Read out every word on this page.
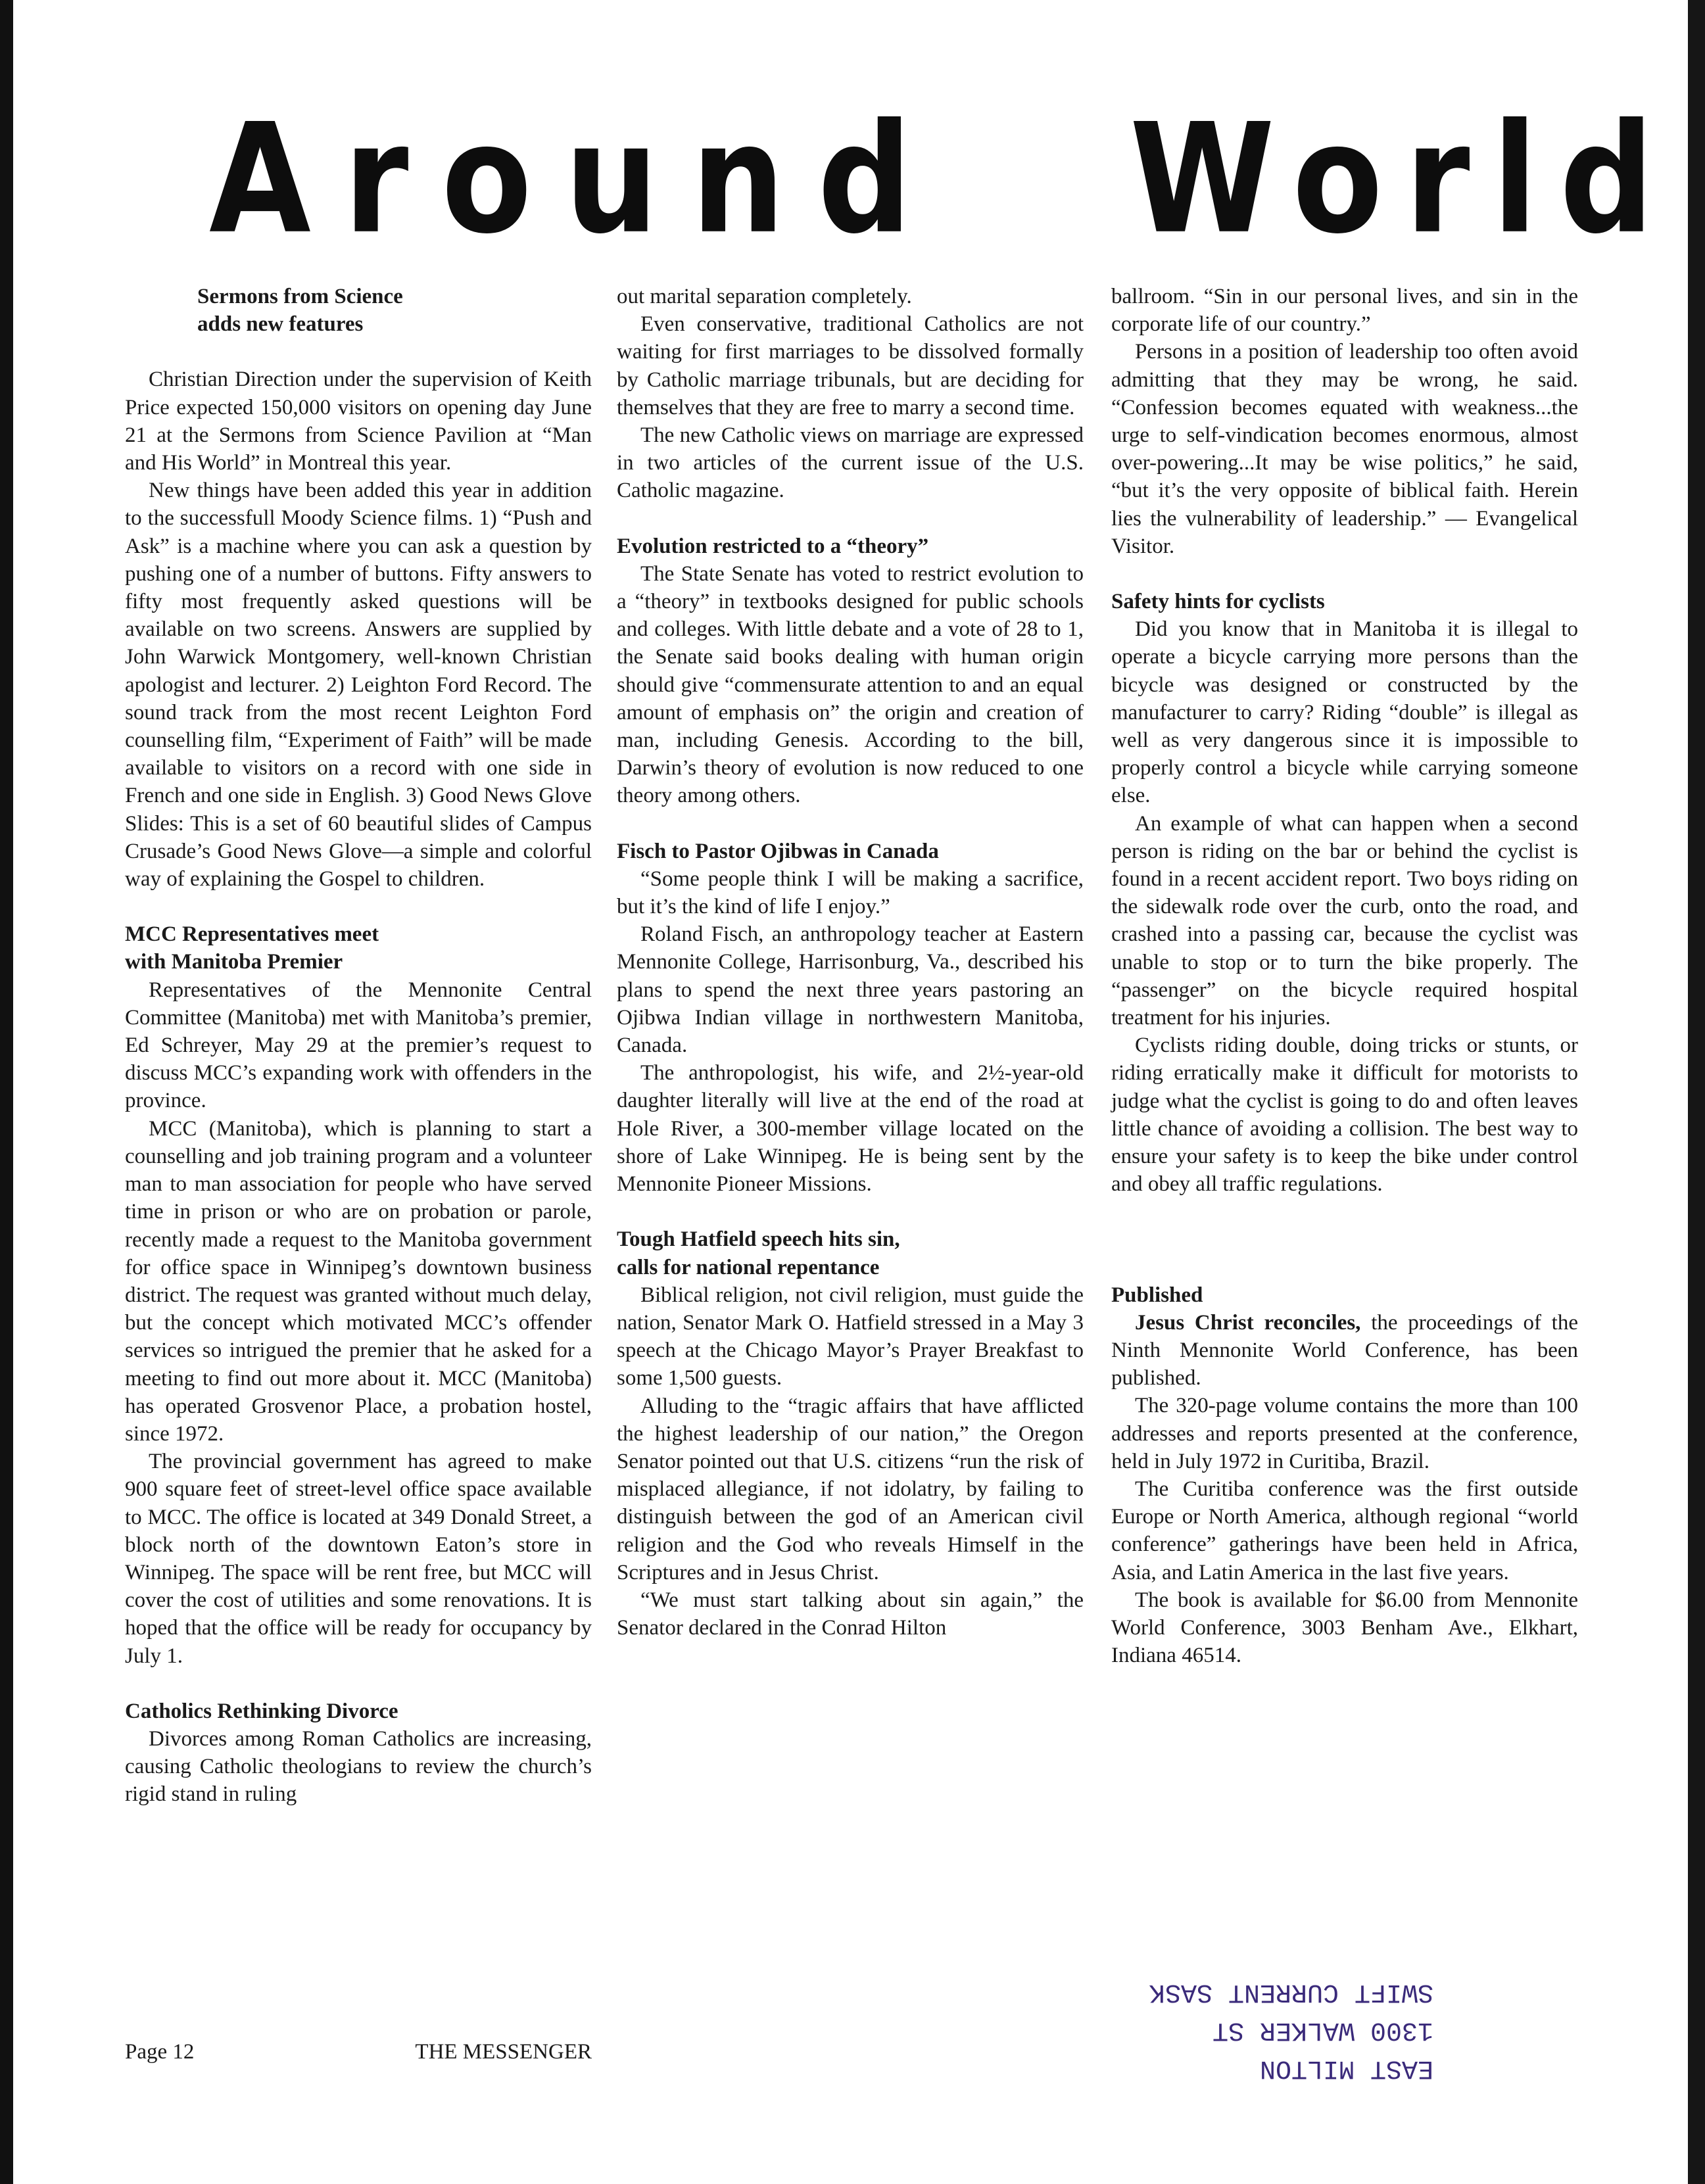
Around World
Sermons from Science
adds new features

Christian Direction under the supervision of Keith Price expected 150,000 visitors on opening day June 21 at the Sermons from Science Pavilion at “Man and His World” in Montreal this year.

New things have been added this year in addition to the successfull Moody Science films. 1) “Push and Ask” is a machine where you can ask a question by pushing one of a number of buttons. Fifty answers to fifty most frequently asked questions will be available on two screens. Answers are supplied by John Warwick Montgomery, well-known Christian apologist and lecturer. 2) Leighton Ford Record. The sound track from the most recent Leighton Ford counselling film, “Experiment of Faith” will be made available to visitors on a record with one side in French and one side in English. 3) Good News Glove Slides: This is a set of 60 beautiful slides of Campus Crusade’s Good News Glove—a simple and colorful way of explaining the Gospel to children.

MCC Representatives meet
with Manitoba Premier

Representatives of the Mennonite Central Committee (Manitoba) met with Manitoba’s premier, Ed Schreyer, May 29 at the premier’s request to discuss MCC’s expanding work with offenders in the province.

MCC (Manitoba), which is planning to start a counselling and job training program and a volunteer man to man association for people who have served time in prison or who are on probation or parole, recently made a request to the Manitoba government for office space in Winnipeg’s downtown business district. The request was granted without much delay, but the concept which motivated MCC’s offender services so intrigued the premier that he asked for a meeting to find out more about it. MCC (Manitoba) has operated Grosvenor Place, a probation hostel, since 1972.

The provincial government has agreed to make 900 square feet of street-level office space available to MCC. The office is located at 349 Donald Street, a block north of the downtown Eaton’s store in Winnipeg. The space will be rent free, but MCC will cover the cost of utilities and some renovations. It is hoped that the office will be ready for occupancy by July 1.

Catholics Rethinking Divorce

Divorces among Roman Catholics are increasing, causing Catholic theologians to review the church’s rigid stand in ruling

out marital separation completely.

Even conservative, traditional Catholics are not waiting for first marriages to be dissolved formally by Catholic marriage tribunals, but are deciding for themselves that they are free to marry a second time.

The new Catholic views on marriage are expressed in two articles of the current issue of the U.S. Catholic magazine.

Evolution restricted to a “theory”

The State Senate has voted to restrict evolution to a “theory” in textbooks designed for public schools and colleges. With little debate and a vote of 28 to 1, the Senate said books dealing with human origin should give “commensurate attention to and an equal amount of emphasis on” the origin and creation of man, including Genesis. According to the bill, Darwin’s theory of evolution is now reduced to one theory among others.

Fisch to Pastor Ojibwas in Canada

“Some people think I will be making a sacrifice, but it’s the kind of life I enjoy.”

Roland Fisch, an anthropology teacher at Eastern Mennonite College, Harrisonburg, Va., described his plans to spend the next three years pastoring an Ojibwa Indian village in northwestern Manitoba, Canada.

The anthropologist, his wife, and 2½-year-old daughter literally will live at the end of the road at Hole River, a 300-member village located on the shore of Lake Winnipeg. He is being sent by the Mennonite Pioneer Missions.

Tough Hatfield speech hits sin,
calls for national repentance

Biblical religion, not civil religion, must guide the nation, Senator Mark O. Hatfield stressed in a May 3 speech at the Chicago Mayor’s Prayer Breakfast to some 1,500 guests.

Alluding to the “tragic affairs that have afflicted the highest leadership of our nation,” the Oregon Senator pointed out that U.S. citizens “run the risk of misplaced allegiance, if not idolatry, by failing to distinguish between the god of an American civil religion and the God who reveals Himself in the Scriptures and in Jesus Christ.

“We must start talking about sin again,” the Senator declared in the Conrad Hilton

ballroom. “Sin in our personal lives, and sin in the corporate life of our country.”

Persons in a position of leadership too often avoid admitting that they may be wrong, he said. “Confession becomes equated with weakness...the urge to self-vindication becomes enormous, almost over-powering...It may be wise politics,” he said, “but it’s the very opposite of biblical faith. Herein lies the vulnerability of leadership.” — Evangelical Visitor.

Safety hints for cyclists

Did you know that in Manitoba it is illegal to operate a bicycle carrying more persons than the bicycle was designed or constructed by the manufacturer to carry? Riding “double” is illegal as well as very dangerous since it is impossible to properly control a bicycle while carrying someone else.

An example of what can happen when a second person is riding on the bar or behind the cyclist is found in a recent accident report. Two boys riding on the sidewalk rode over the curb, onto the road, and crashed into a passing car, because the cyclist was unable to stop or to turn the bike properly. The “passenger” on the bicycle required hospital treatment for his injuries.

Cyclists riding double, doing tricks or stunts, or riding erratically make it difficult for motorists to judge what the cyclist is going to do and often leaves little chance of avoiding a collision. The best way to ensure your safety is to keep the bike under control and obey all traffic regulations.

Published

Jesus Christ reconciles, the proceedings of the Ninth Mennonite World Conference, has been published.

The 320-page volume contains the more than 100 addresses and reports presented at the conference, held in July 1972 in Curitiba, Brazil.

The Curitiba conference was the first outside Europe or North America, although regional “world conference” gatherings have been held in Africa, Asia, and Latin America in the last five years.

The book is available for $6.00 from Mennonite World Conference, 3003 Benham Ave., Elkhart, Indiana 46514.

Page 12	THE MESSENGER
EAST MILTON
1300 WALKER ST
SWIFT CURRENT SASK
